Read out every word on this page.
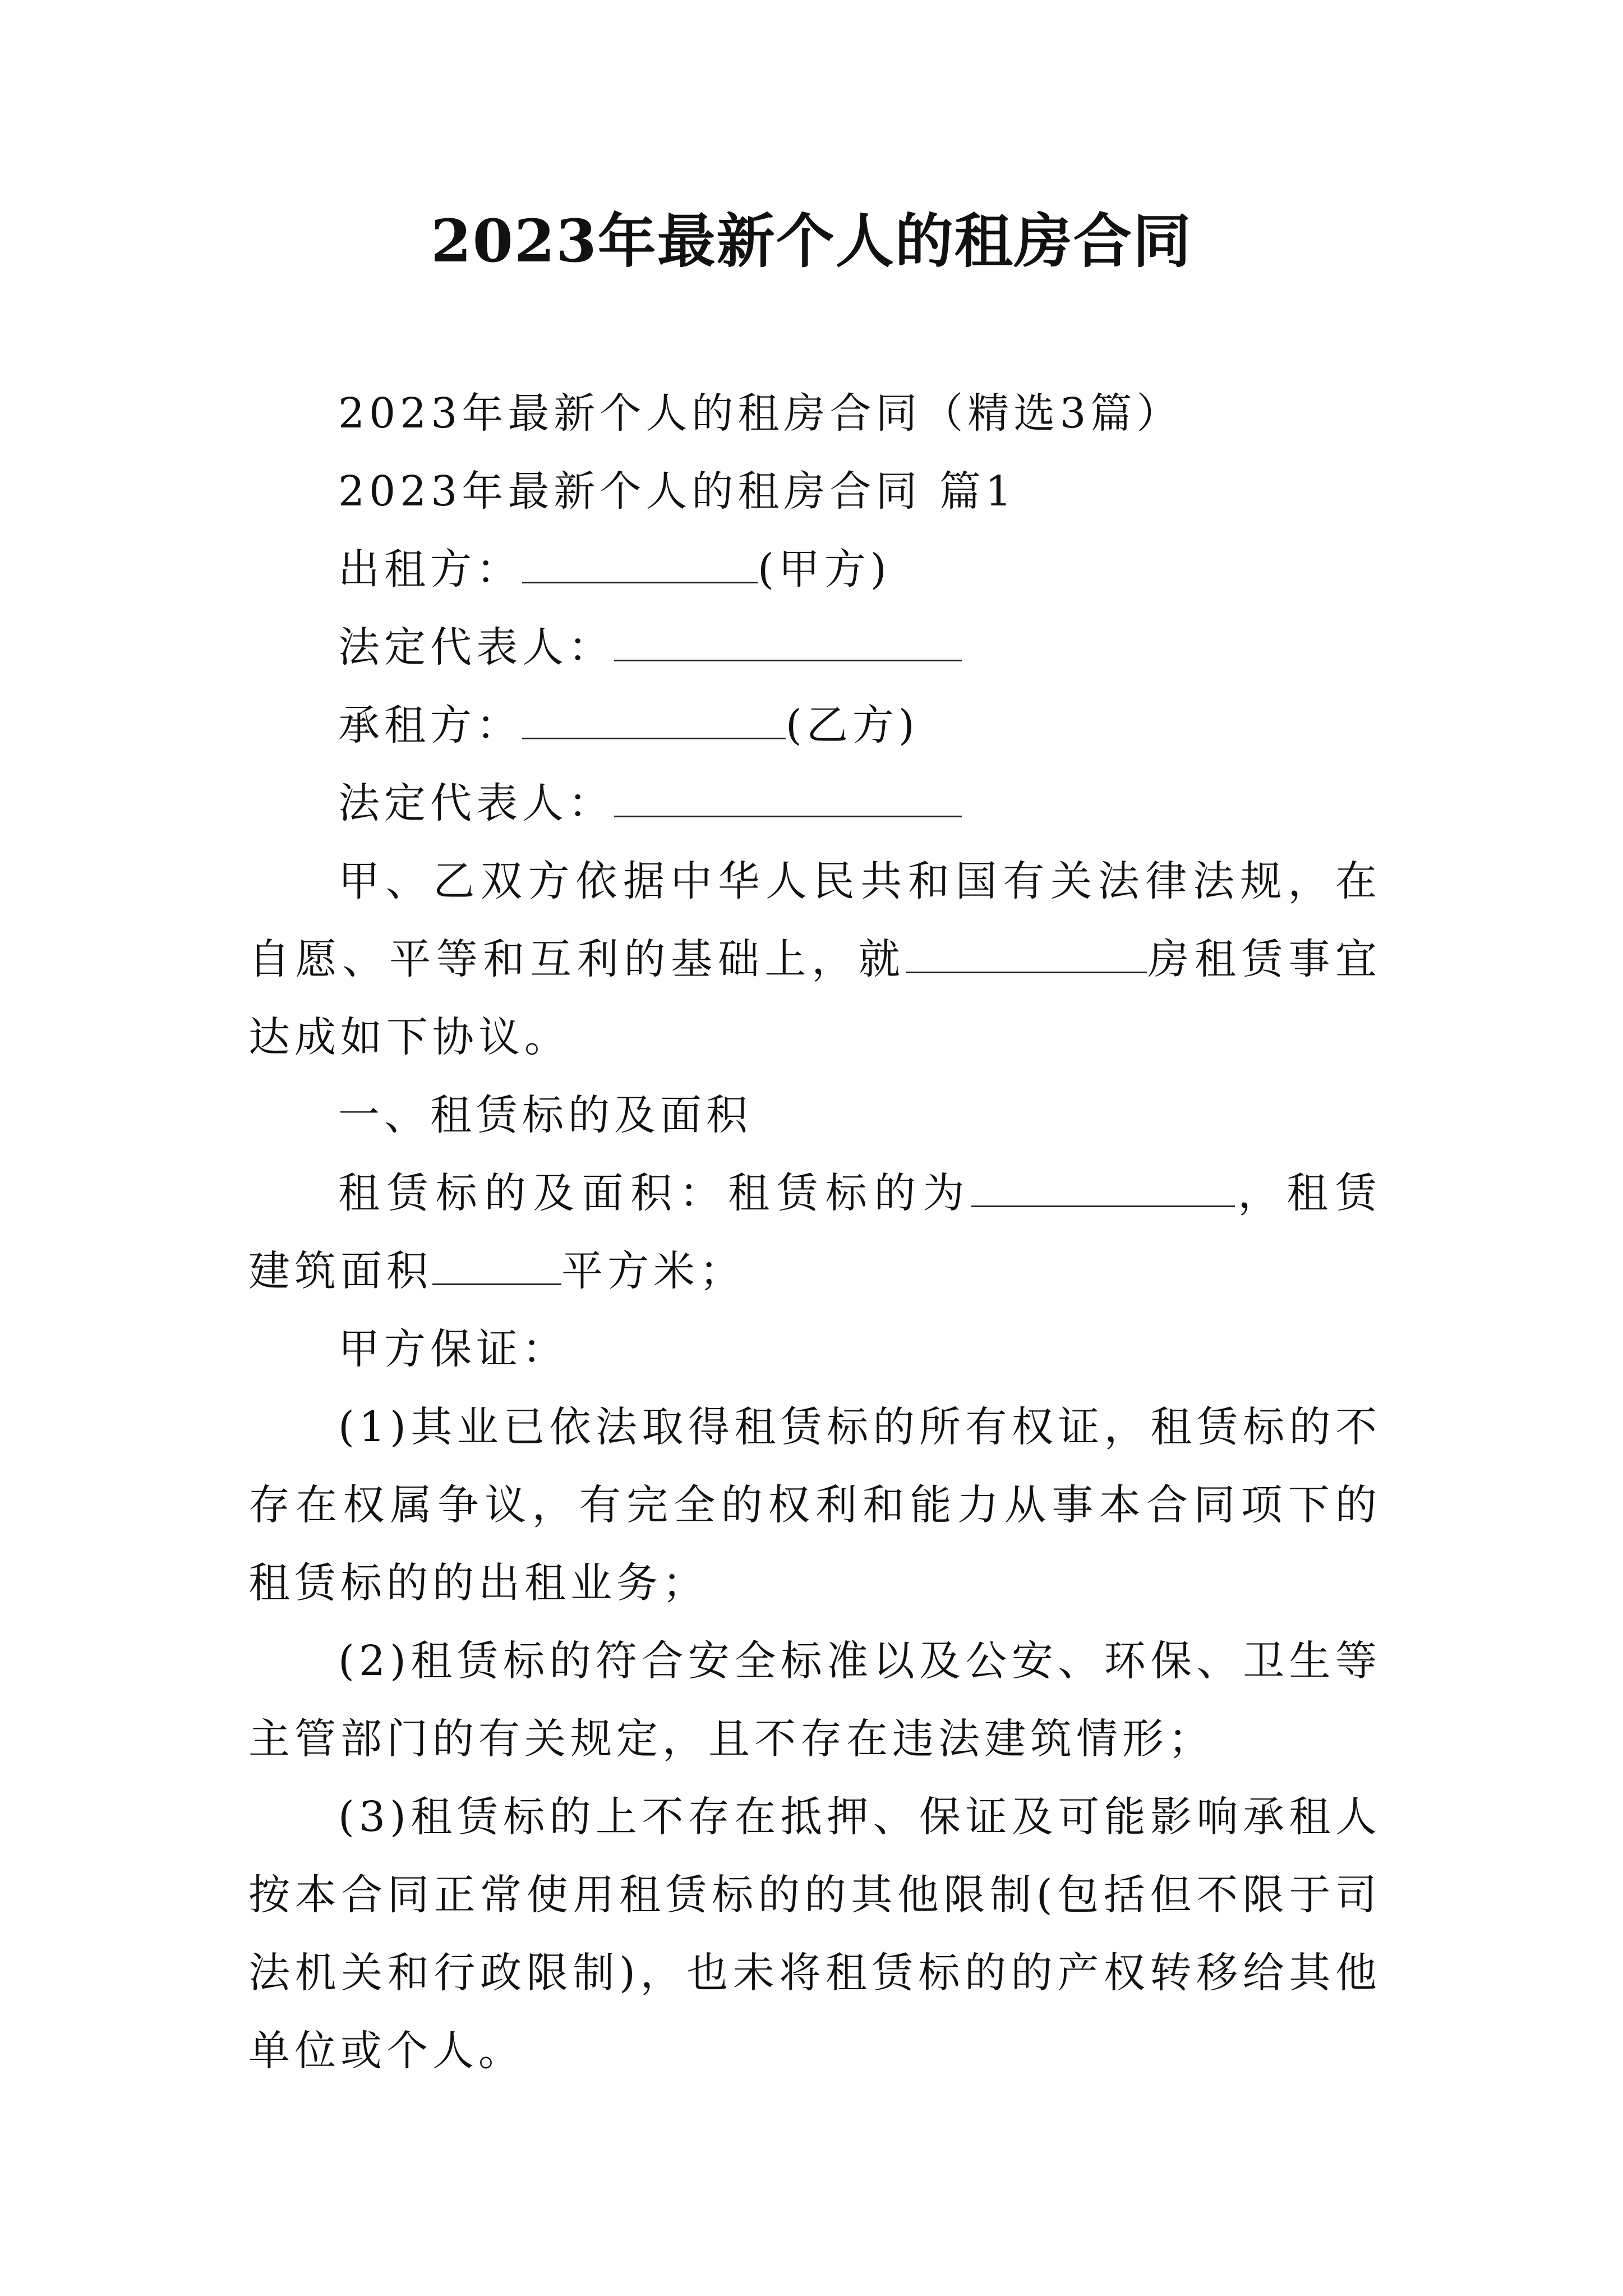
2023年最新个人的租房合同

2023年最新个人的租房合同（精选3篇）

2023年最新个人的租房合同 篇1

出租方：	(甲方)

法定代表人：

承租方：	(乙方)

法定代表人：

甲、乙双方依据中华人民共和国有关法律法规，在自愿、平等和互利的基础上，就	房租赁事宜达成如下协议。

一、租赁标的及面积

租赁标的及面积：租赁标的为	，租赁建筑面积	平方米；

甲方保证：

(1)其业已依法取得租赁标的所有权证，租赁标的不存在权属争议，有完全的权利和能力从事本合同项下的租赁标的的出租业务；

(2)租赁标的符合安全标准以及公安、环保、卫生等主管部门的有关规定，且不存在违法建筑情形；

(3)租赁标的上不存在抵押、保证及可能影响承租人按本合同正常使用租赁标的的其他限制(包括但不限于司法机关和行政限制)，也未将租赁标的的产权转移给其他单位或个人。
